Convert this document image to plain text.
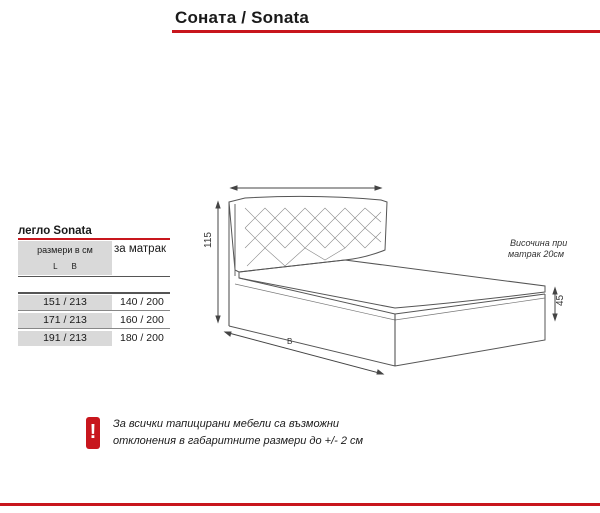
Соната / Sonata
легло Sonata
размери в см
L B
за матрак
151 / 213	140 / 200
171 / 213	160 / 200
191 / 213	180 / 200
115
45
B
Височина при
матрак 20см
!	За всички тапицирани мебели са възможни
отклонения в габаритните размери до +/- 2 см
